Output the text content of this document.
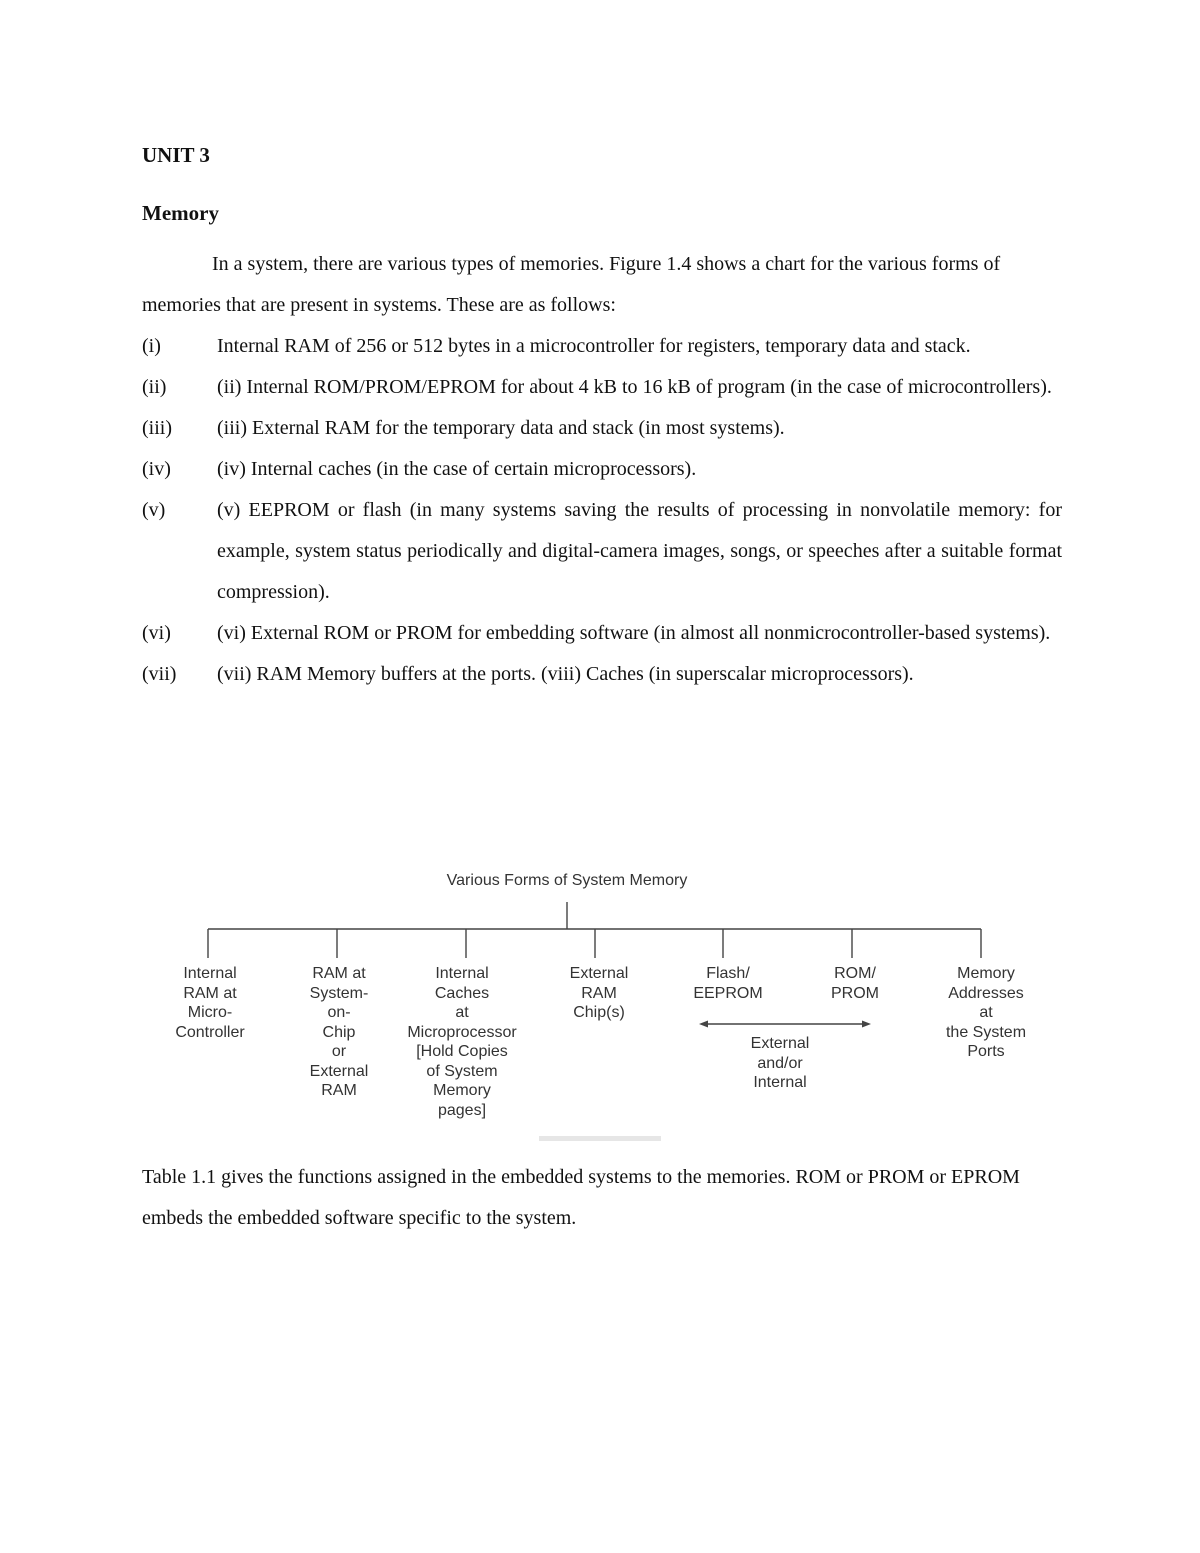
UNIT 3
Memory
In a system, there are various types of memories. Figure 1.4 shows a chart for the various forms of memories that are present in systems. These are as follows:
(i)	Internal RAM of 256 or 512 bytes in a microcontroller for registers, temporary data and stack.
(ii)	(ii) Internal ROM/PROM/EPROM for about 4 kB to 16 kB of program (in the case of microcontrollers).
(iii)	(iii) External RAM for the temporary data and stack (in most systems).
(iv)	(iv) Internal caches (in the case of certain microprocessors).
(v)	(v) EEPROM or flash (in many systems saving the results of processing in nonvolatile memory: for example, system status periodically and digital-camera images, songs, or speeches after a suitable format compression).
(vi)	(vi) External ROM or PROM for embedding software (in almost all nonmicrocontroller-based systems).
(vii)	(vii) RAM Memory buffers at the ports. (viii) Caches (in superscalar microprocessors).
Various Forms of System Memory
Internal
RAM at
Micro-
Controller
RAM at
System-
on-
Chip
or
External
RAM
Internal
Caches
at
Microprocessor
[Hold Copies
of System
Memory
pages]
External
RAM
Chip(s)
Flash/
EEPROM
ROM/
PROM
Memory
Addresses
at
the System
Ports
External
and/or
Internal
Table 1.1 gives the functions assigned in the embedded systems to the memories. ROM or PROM or EPROM embeds the embedded software specific to the system.
